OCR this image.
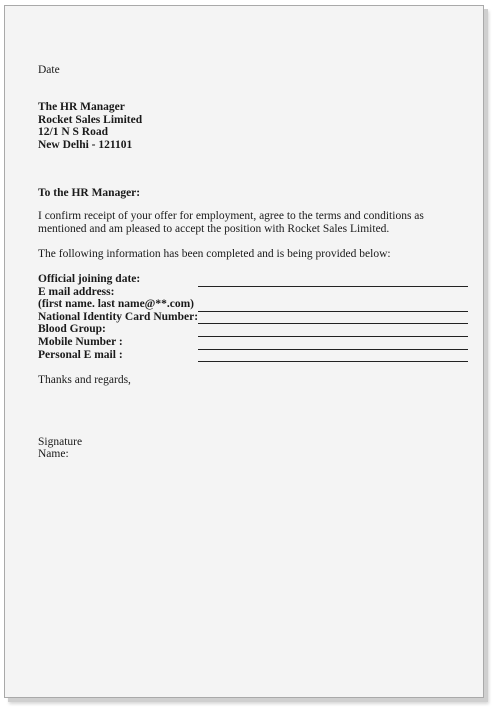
Date

The HR Manager
Rocket Sales Limited
12/1 N S Road
New Delhi - 121101

To the HR Manager:

I confirm receipt of your offer for employment, agree to the terms and conditions as mentioned and am pleased to accept the position with Rocket Sales Limited.

The following information has been completed and is being provided below:

Official joining date:
E mail address:
(first name. last name@**.com)
National Identity Card Number:
Blood Group:
Mobile Number :
Personal E mail :

Thanks and regards,

Signature

Name:
